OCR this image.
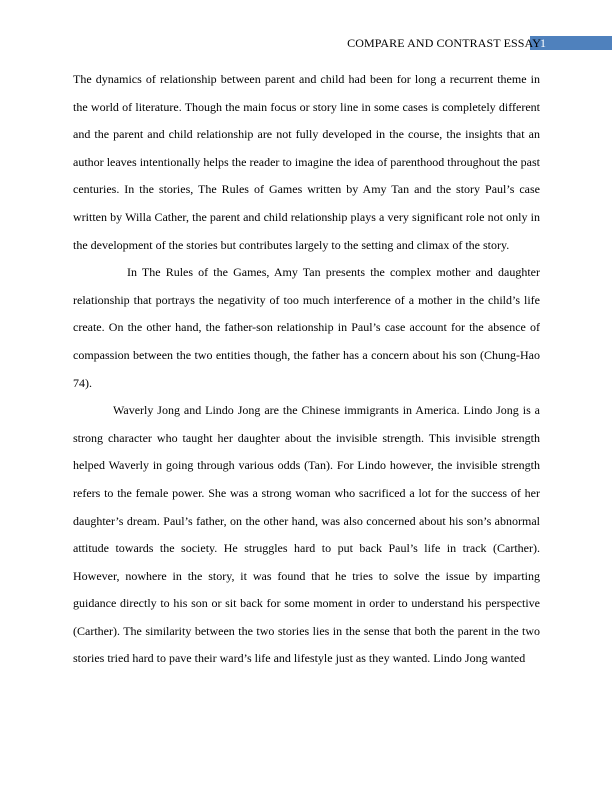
COMPARE AND CONTRAST ESSAY 1

The dynamics of relationship between parent and child had been for long a recurrent theme in the world of literature. Though the main focus or story line in some cases is completely different and the parent and child relationship are not fully developed in the course, the insights that an author leaves intentionally helps the reader to imagine the idea of parenthood throughout the past centuries. In the stories, The Rules of Games written by Amy Tan and the story Paul’s case written by Willa Cather, the parent and child relationship plays a very significant role not only in the development of the stories but contributes largely to the setting and climax of the story.

In The Rules of the Games, Amy Tan presents the complex mother and daughter relationship that portrays the negativity of too much interference of a mother in the child’s life create. On the other hand, the father-son relationship in Paul’s case account for the absence of compassion between the two entities though, the father has a concern about his son (Chung-Hao 74).

Waverly Jong and Lindo Jong are the Chinese immigrants in America. Lindo Jong is a strong character who taught her daughter about the invisible strength. This invisible strength helped Waverly in going through various odds (Tan). For Lindo however, the invisible strength refers to the female power. She was a strong woman who sacrificed a lot for the success of her daughter’s dream. Paul’s father, on the other hand, was also concerned about his son’s abnormal attitude towards the society. He struggles hard to put back Paul’s life in track (Carther). However, nowhere in the story, it was found that he tries to solve the issue by imparting guidance directly to his son or sit back for some moment in order to understand his perspective (Carther). The similarity between the two stories lies in the sense that both the parent in the two stories tried hard to pave their ward’s life and lifestyle just as they wanted. Lindo Jong wanted
